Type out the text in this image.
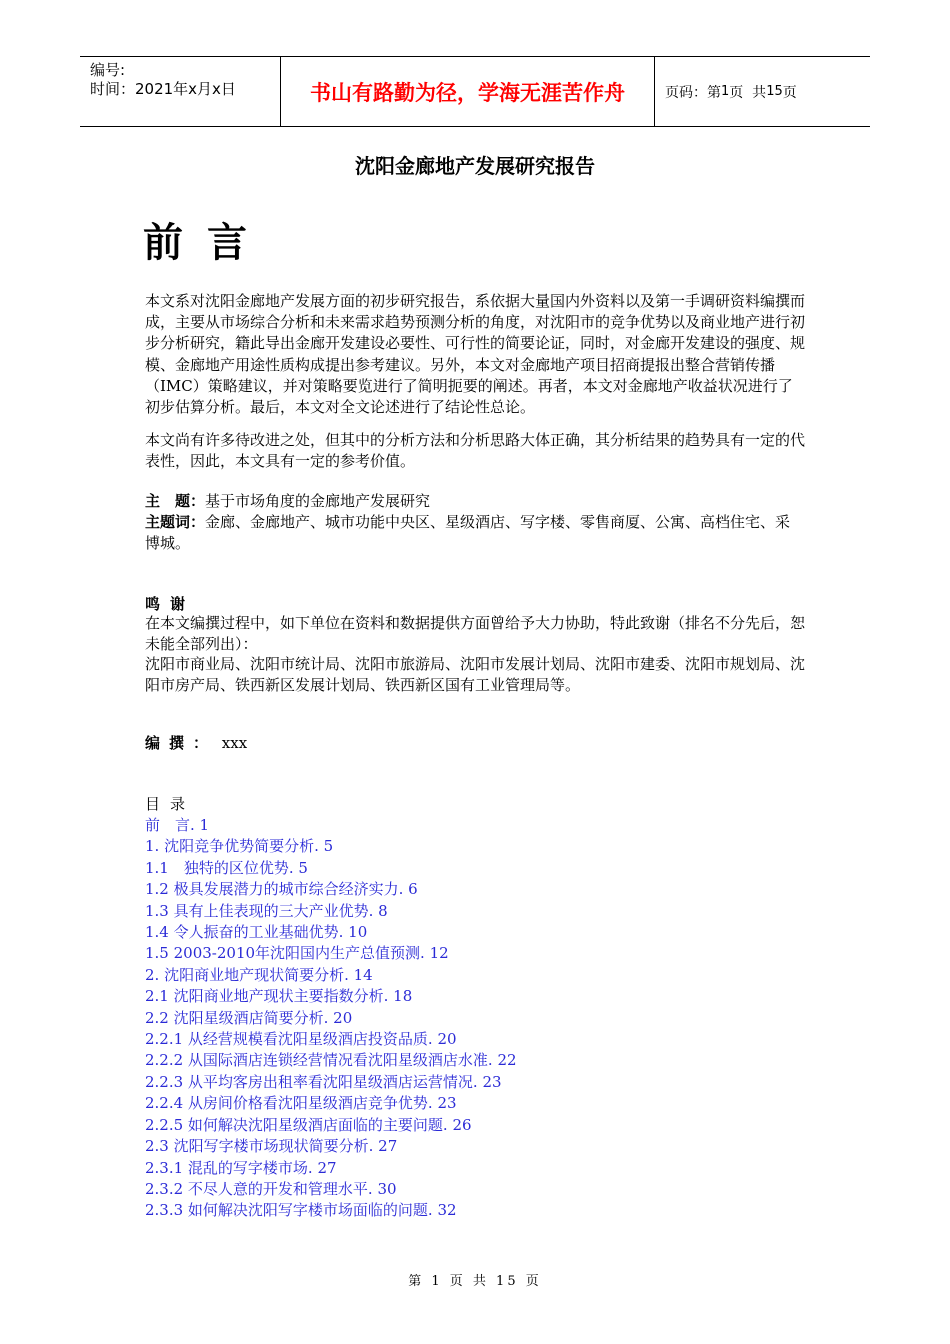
编号:
时间：2021年x月x日	书山有路勤为径，学海无涯苦作舟	页码：第 1 页  共 15 页
沈阳金廊地产发展研究报告
前言

本文系对沈阳金廊地产发展方面的初步研究报告，系依据大量国内外资料以及第一手调研资料编撰而成，主要从市场综合分析和未来需求趋势预测分析的角度，对沈阳市的竞争优势以及商业地产进行初步分析研究，籍此导出金廊开发建设必要性、可行性的简要论证，同时，对金廊开发建设的强度、规模、金廊地产用途性质构成提出参考建议。另外，本文对金廊地产项目招商提报出整合营销传播（IMC）策略建议，并对策略要览进行了简明扼要的阐述。再者，本文对金廊地产收益状况进行了初步估算分析。最后，本文对全文论述进行了结论性总论。

本文尚有许多待改进之处，但其中的分析方法和分析思路大体正确，其分析结果的趋势具有一定的代表性，因此，本文具有一定的参考价值。

主　题：基于市场角度的金廊地产发展研究

主题词：金廊、金廊地产、城市功能中央区、星级酒店、写字楼、零售商厦、公寓、高档住宅、采博城。

鸣谢

在本文编撰过程中，如下单位在资料和数据提供方面曾给予大力协助，特此致谢（排名不分先后，恕未能全部列出）：

沈阳市商业局、沈阳市统计局、沈阳市旅游局、沈阳市发展计划局、沈阳市建委、沈阳市规划局、沈阳市房产局、铁西新区发展计划局、铁西新区国有工业管理局等。

编撰： xxx
目录
前　言. 1
1. 沈阳竞争优势简要分析. 5
1.1　独特的区位优势. 5
1.2 极具发展潜力的城市综合经济实力. 6
1.3 具有上佳表现的三大产业优势. 8
1.4 令人振奋的工业基础优势. 10
1.5 2003-2010年沈阳国内生产总值预测. 12
2. 沈阳商业地产现状简要分析. 14
2.1 沈阳商业地产现状主要指数分析. 18
2.2 沈阳星级酒店简要分析. 20
2.2.1 从经营规模看沈阳星级酒店投资品质. 20
2.2.2 从国际酒店连锁经营情况看沈阳星级酒店水准. 22
2.2.3 从平均客房出租率看沈阳星级酒店运营情况. 23
2.2.4 从房间价格看沈阳星级酒店竞争优势. 23
2.2.5 如何解决沈阳星级酒店面临的主要问题. 26
2.3 沈阳写字楼市场现状简要分析. 27
2.3.1 混乱的写字楼市场. 27
2.3.2 不尽人意的开发和管理水平. 30
2.3.3 如何解决沈阳写字楼市场面临的问题. 32
第 1 页 共 15 页
